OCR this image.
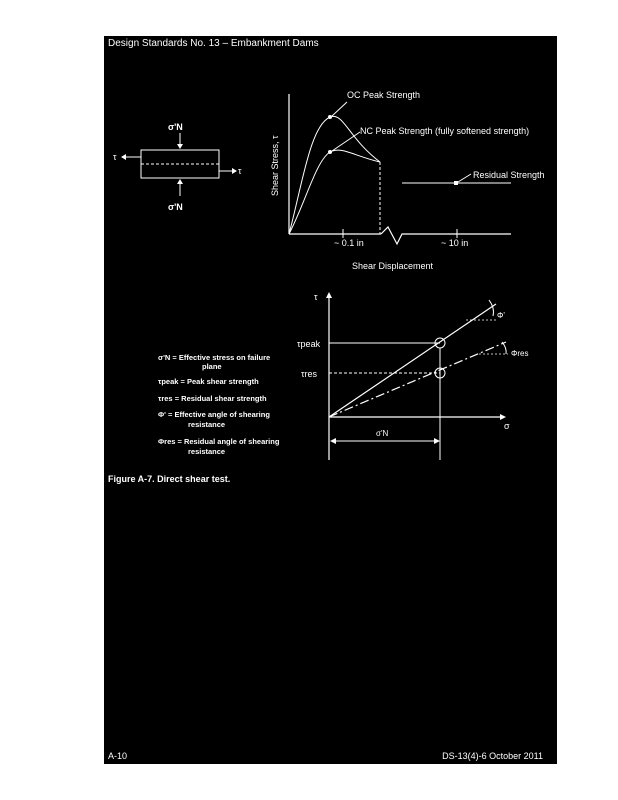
Design Standards No. 13 – Embankment Dams
σ'N
σ'N
τ
τ
OC Peak Strength
NC Peak Strength (fully softened strength)
Residual Strength
~ 0.1 in	~ 10 in
Shear Displacement
Shear Stress, τ
τ
σ
τpeak
τres
Φ'
Φres
σ'N
σ'N = Effective stress on failure
plane
τpeak = Peak shear strength
τres = Residual shear strength
Φ' = Effective angle of shearing
resistance
Φres = Residual angle of shearing
resistance
Figure A-7. Direct shear test.
A-10	DS-13(4)-6 October 2011
